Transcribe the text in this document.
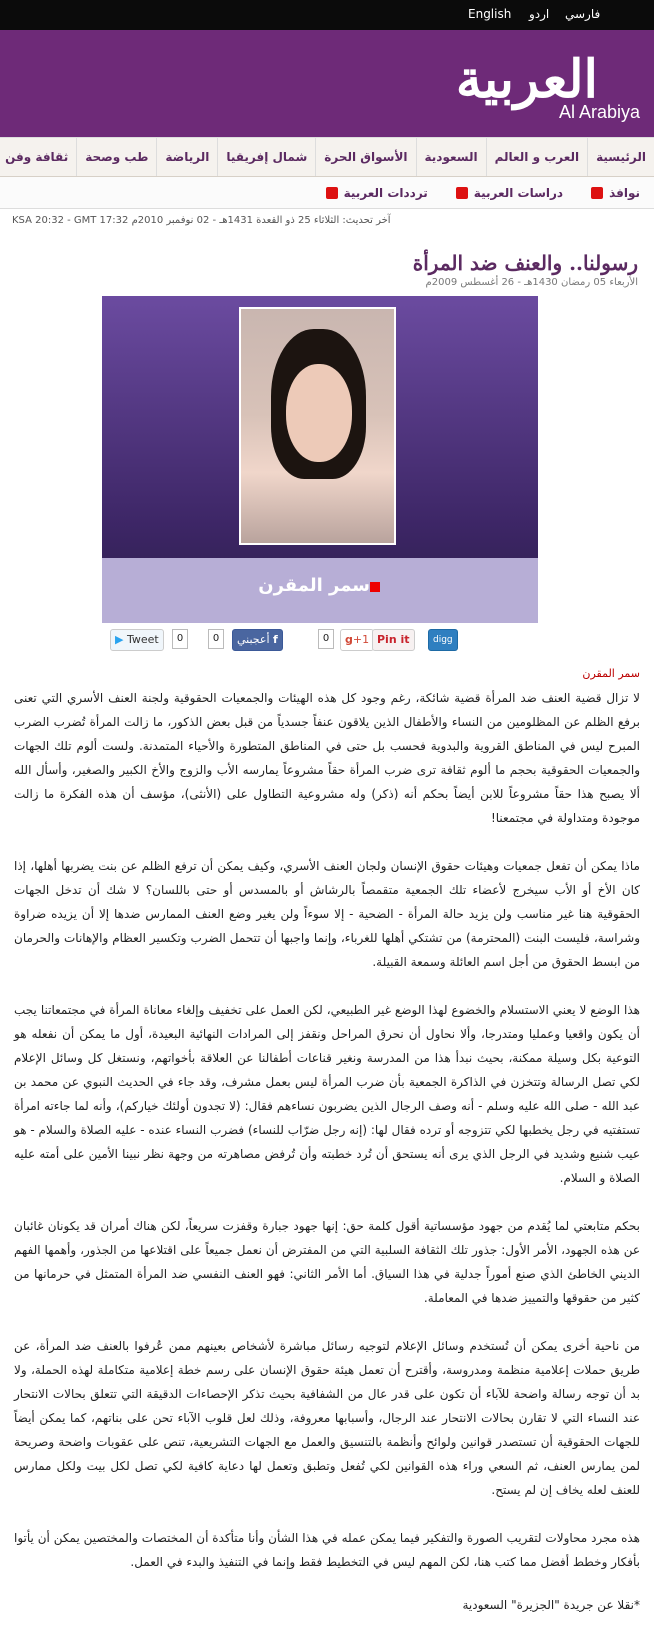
English اردو فارسي
العربية
Al Arabiya
الرئيسية
العرب و العالم
السعودية
الأسواق الحرة
شمال إفريقيا
الرياضة
طب وصحة
ثقافة وفن
نوافذ
دراسات العربية
ترددات العربية
آخر تحديث: الثلاثاء 25 ذو القعدة 1431هـ - 02 نوفمبر 2010م KSA 20:32 - GMT 17:32
رسولنا.. والعنف ضد المرأة
الأربعاء 05 رمضان 1430هـ - 26 أغسطس 2009م
سمر المقرن
▶ Tweet	0	0	أعجبني f	0	g+1 Pin it	digg
سمر المقرن

لا تزال قضية العنف ضد المرأة قضية شائكة، رغم وجود كل هذه الهيئات والجمعيات الحقوقية ولجنة العنف الأسري التي تعنى برفع الظلم عن المظلومين من النساء والأطفال الذين يلاقون عنفاً جسدياً من قبل بعض الذكور، ما زالت المرأة تُضرب الضرب المبرح ليس في المناطق القروية والبدوية فحسب بل حتى في المناطق المتطورة والأحياء المتمدنة. ولست ألوم تلك الجهات والجمعيات الحقوقية بحجم ما ألوم ثقافة ترى ضرب المرأة حقاً مشروعاً يمارسه الأب والزوج والأخ الكبير والصغير، وأسأل الله ألا يصبح هذا حقاً مشروعاً للابن أيضاً بحكم أنه (ذكر) وله مشروعية التطاول على (الأنثى)، مؤسف أن هذه الفكرة ما زالت موجودة ومتداولة في مجتمعنا!

ماذا يمكن أن تفعل جمعيات وهيئات حقوق الإنسان ولجان العنف الأسري، وكيف يمكن أن ترفع الظلم عن بنت يضربها أهلها، إذا كان الأخ أو الأب سيخرج لأعضاء تلك الجمعية متقمصاً بالرشاش أو بالمسدس أو حتى باللسان؟ لا شك أن تدخل الجهات الحقوقية هنا غير مناسب ولن يزيد حالة المرأة - الضحية - إلا سوءاً ولن يغير وضع العنف الممارس ضدها إلا أن يزيده ضراوة وشراسة، فليست البنت (المحترمة) من تشتكي أهلها للغرباء، وإنما واجبها أن تتحمل الضرب وتكسير العظام والإهانات والحرمان من ابسط الحقوق من أجل اسم العائلة وسمعة القبيلة.

هذا الوضع لا يعني الاستسلام والخضوع لهذا الوضع غير الطبيعي، لكن العمل على تخفيف وإلغاء معاناة المرأة في مجتمعاتنا يجب أن يكون واقعيا وعمليا ومتدرجا، وألا نحاول أن نحرق المراحل ونقفز إلى المرادات النهائية البعيدة، أول ما يمكن أن نفعله هو التوعية بكل وسيلة ممكنة، بحيث نبدأ هذا من المدرسة ونغير قناعات أطفالنا عن العلاقة بأخواتهم، ونستغل كل وسائل الإعلام لكي تصل الرسالة وتتخزن في الذاكرة الجمعية بأن ضرب المرأة ليس بعمل مشرف، وقد جاء في الحديث النبوي عن محمد بن عبد الله - صلى الله عليه وسلم - أنه وصف الرجال الذين يضربون نساءهم فقال: (لا تجدون أولئك خياركم)، وأنه لما جاءته امرأة تستفتيه في رجل يخطبها لكي تتزوجه أو ترده فقال لها: (إنه رجل ضرّاب للنساء) فضرب النساء عنده - عليه الصلاة والسلام - هو عيب شنيع وشديد في الرجل الذي يرى أنه يستحق أن تُرد خطبته وأن تُرفض مصاهرته من وجهة نظر نبينا الأمين على أمته عليه الصلاة و السلام.

بحكم متابعتي لما يُقدم من جهود مؤسساتية أقول كلمة حق: إنها جهود جبارة وقفزت سريعاً، لكن هناك أمران قد يكونان غائبان عن هذه الجهود، الأمر الأول: جذور تلك الثقافة السلبية التي من المفترض أن نعمل جميعاً على اقتلاعها من الجذور، وأهمها الفهم الديني الخاطئ الذي صنع أموراً جدلية في هذا السياق. أما الأمر الثاني: فهو العنف النفسي ضد المرأة المتمثل في حرمانها من كثير من حقوقها والتمييز ضدها في المعاملة.

من ناحية أخرى يمكن أن تُستخدم وسائل الإعلام لتوجيه رسائل مباشرة لأشخاص بعينهم ممن عُرفوا بالعنف ضد المرأة، عن طريق حملات إعلامية منظمة ومدروسة، وأقترح أن تعمل هيئة حقوق الإنسان على رسم خطة إعلامية متكاملة لهذه الحملة، ولا بد أن توجه رسالة واضحة للآباء أن تكون على قدر عال من الشفافية بحيث تذكر الإحصاءات الدقيقة التي تتعلق بحالات الانتحار عند النساء التي لا تقارن بحالات الانتحار عند الرجال، وأسبابها معروفة، وذلك لعل قلوب الآباء تحن على بناتهم، كما يمكن أيضاً للجهات الحقوقية أن تستصدر قوانين ولوائح وأنظمة بالتنسيق والعمل مع الجهات التشريعية، تنص على عقوبات واضحة وصريحة لمن يمارس العنف، ثم السعي وراء هذه القوانين لكي تُفعل وتطبق وتعمل لها دعاية كافية لكي تصل لكل بيت ولكل ممارس للعنف لعله يخاف إن لم يستح.

هذه مجرد محاولات لتقريب الصورة والتفكير فيما يمكن عمله في هذا الشأن وأنا متأكدة أن المختصات والمختصين يمكن أن يأتوا بأفكار وخطط أفضل مما كتب هنا، لكن المهم ليس في التخطيط فقط وإنما في التنفيذ والبدء في العمل.

*نقلا عن جريدة "الجزيرة" السعودية
